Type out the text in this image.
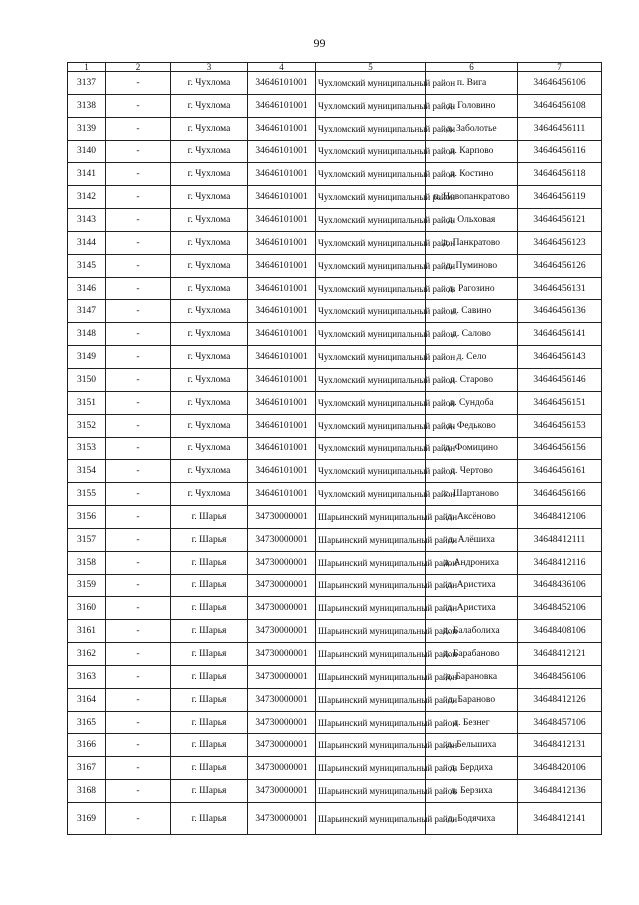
99
1	2	3	4	5	6	7
3137	-	г. Чухлома	34646101001	Чухломский муниципальный район	п. Вига	34646456106
3138	-	г. Чухлома	34646101001	Чухломский муниципальный район	д. Головино	34646456108
3139	-	г. Чухлома	34646101001	Чухломский муниципальный район	д. Заболотье	34646456111
3140	-	г. Чухлома	34646101001	Чухломский муниципальный район	д. Карпово	34646456116
3141	-	г. Чухлома	34646101001	Чухломский муниципальный район	д. Костино	34646456118
3142	-	г. Чухлома	34646101001	Чухломский муниципальный район	п. Новопанкратово	34646456119
3143	-	г. Чухлома	34646101001	Чухломский муниципальный район	д. Ольховая	34646456121
3144	-	г. Чухлома	34646101001	Чухломский муниципальный район	д. Панкратово	34646456123
3145	-	г. Чухлома	34646101001	Чухломский муниципальный район	д. Пуминово	34646456126
3146	-	г. Чухлома	34646101001	Чухломский муниципальный район	д. Рагозино	34646456131
3147	-	г. Чухлома	34646101001	Чухломский муниципальный район	д. Савино	34646456136
3148	-	г. Чухлома	34646101001	Чухломский муниципальный район	д. Салово	34646456141
3149	-	г. Чухлома	34646101001	Чухломский муниципальный район	д. Село	34646456143
3150	-	г. Чухлома	34646101001	Чухломский муниципальный район	д. Старово	34646456146
3151	-	г. Чухлома	34646101001	Чухломский муниципальный район	д. Сундоба	34646456151
3152	-	г. Чухлома	34646101001	Чухломский муниципальный район	д. Федьково	34646456153
3153	-	г. Чухлома	34646101001	Чухломский муниципальный район	д. Фомицино	34646456156
3154	-	г. Чухлома	34646101001	Чухломский муниципальный район	д. Чертово	34646456161
3155	-	г. Чухлома	34646101001	Чухломский муниципальный район	с. Шартаново	34646456166
3156	-	г. Шарья	34730000001	Шарьинский муниципальный район	д. Аксёново	34648412106
3157	-	г. Шарья	34730000001	Шарьинский муниципальный район	д. Алёшиха	34648412111
3158	-	г. Шарья	34730000001	Шарьинский муниципальный район	д. Андрониха	34648412116
3159	-	г. Шарья	34730000001	Шарьинский муниципальный район	д. Аристиха	34648436106
3160	-	г. Шарья	34730000001	Шарьинский муниципальный район	д. Аристиха	34648452106
3161	-	г. Шарья	34730000001	Шарьинский муниципальный район	д. Балаболиха	34648408106
3162	-	г. Шарья	34730000001	Шарьинский муниципальный район	д. Барабаново	34648412121
3163	-	г. Шарья	34730000001	Шарьинский муниципальный район	д. Барановка	34648456106
3164	-	г. Шарья	34730000001	Шарьинский муниципальный район	д. Бараново	34648412126
3165	-	г. Шарья	34730000001	Шарьинский муниципальный район	д. Безнег	34648457106
3166	-	г. Шарья	34730000001	Шарьинский муниципальный район	д. Бельшиха	34648412131
3167	-	г. Шарья	34730000001	Шарьинский муниципальный район	д. Бердиха	34648420106
3168	-	г. Шарья	34730000001	Шарьинский муниципальный район	д. Берзиха	34648412136
3169	-	г. Шарья	34730000001	Шарьинский муниципальный район	д. Бодячиха	34648412141
